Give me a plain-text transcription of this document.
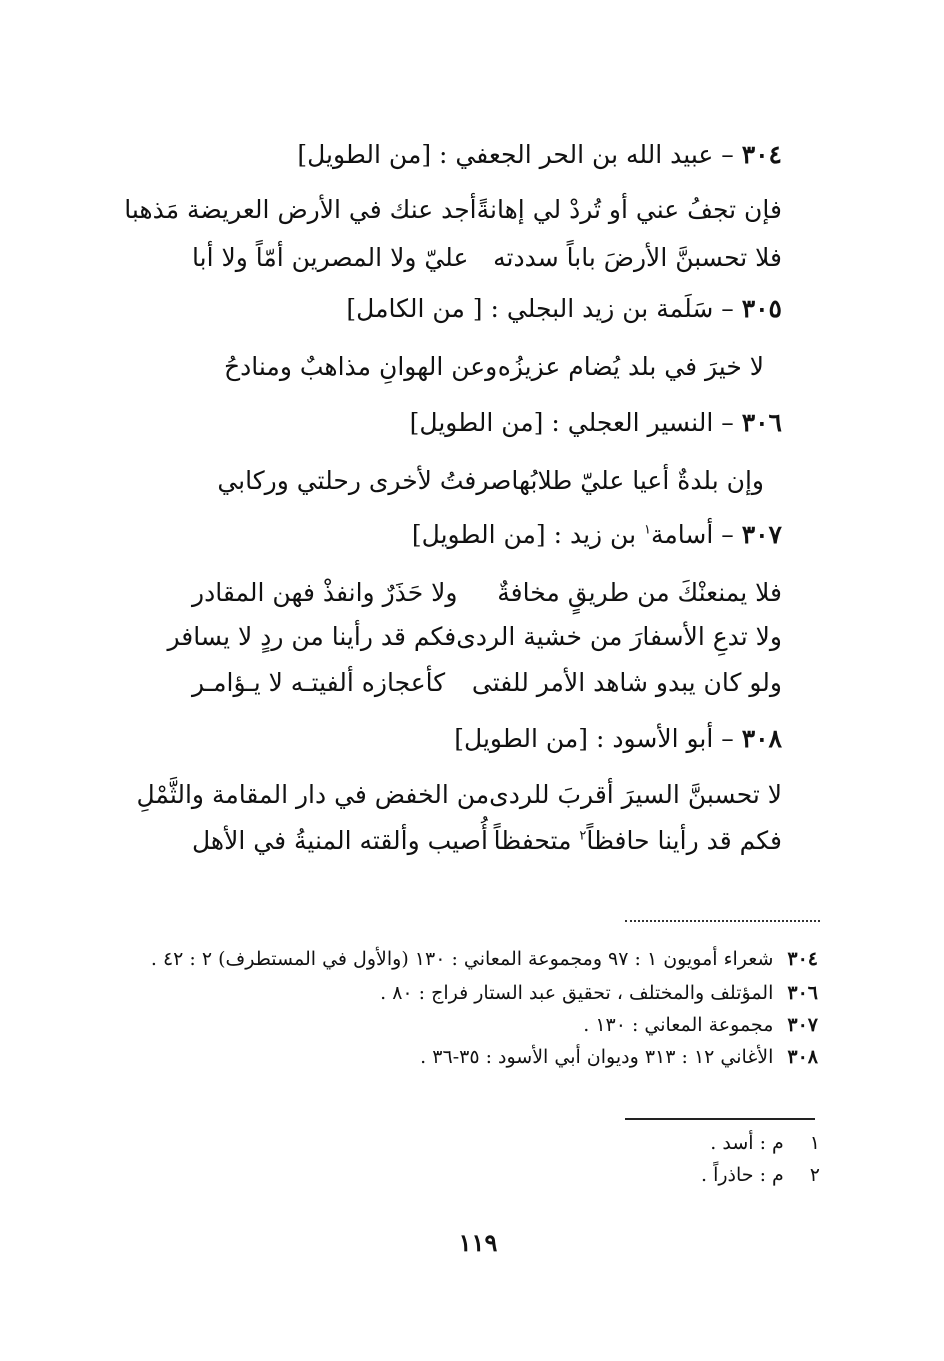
٣٠٤ – عبيد الله بن الحر الجعفي : [من الطويل]
فإن تجفُ عني أو تُردْ لي إهانةً
أجد عنك في الأرض العريضة مَذهبا
فلا تحسبنَّ الأرضَ باباً سددته
عليّ ولا المصرين أمّاً ولا أبا
٣٠٥ – سَلَمة بن زيد البجلي : [ من الكامل]
لا خيرَ في بلد يُضام عزيزُه
وعن الهوانِ مذاهبٌ ومنادحُ
٣٠٦ – النسير العجلي : [من الطويل]
وإن بلدةٌ أعيا عليّ طلابُها
صرفتُ لأخرى رحلتي وركابي
٣٠٧ – أسامة$^١$ بن زيد : [من الطويل]
فلا يمنعنْكَ من طريقٍ مخافةٌ
ولا حَذَرٌ وانفذْ فهن المقادر
ولا تدعِ الأسفارَ من خشية الردى
فكم قد رأينا من ردٍ لا يسافر
ولو كان يبدو شاهد الأمر للفتى
كأعجازه ألفيتـه لا يـؤامـر
٣٠٨ – أبو الأسود : [من الطويل]
لا تحسبنَّ السيرَ أقربَ للردى
من الخفض في دار المقامة والثَّمْلِ
فكم قد رأينا حافظاً$^٢$ متحفظاً
أُصيب وألقته المنيةُ في الأهل
٣٠٤شعراء أمويون ١ : ٩٧ ومجموعة المعاني : ١٣٠ (والأول في المستطرف) ٢ : ٤٢ .
٣٠٦المؤتلف والمختلف ، تحقيق عبد الستار فراج : ٨٠ .
٣٠٧مجموعة المعاني : ١٣٠ .
٣٠٨الأغاني ١٢ : ٣١٣ وديوان أبي الأسود : ٣٥-٣٦ .
١م : أسد .
٢م : حاذراً .
١١٩
